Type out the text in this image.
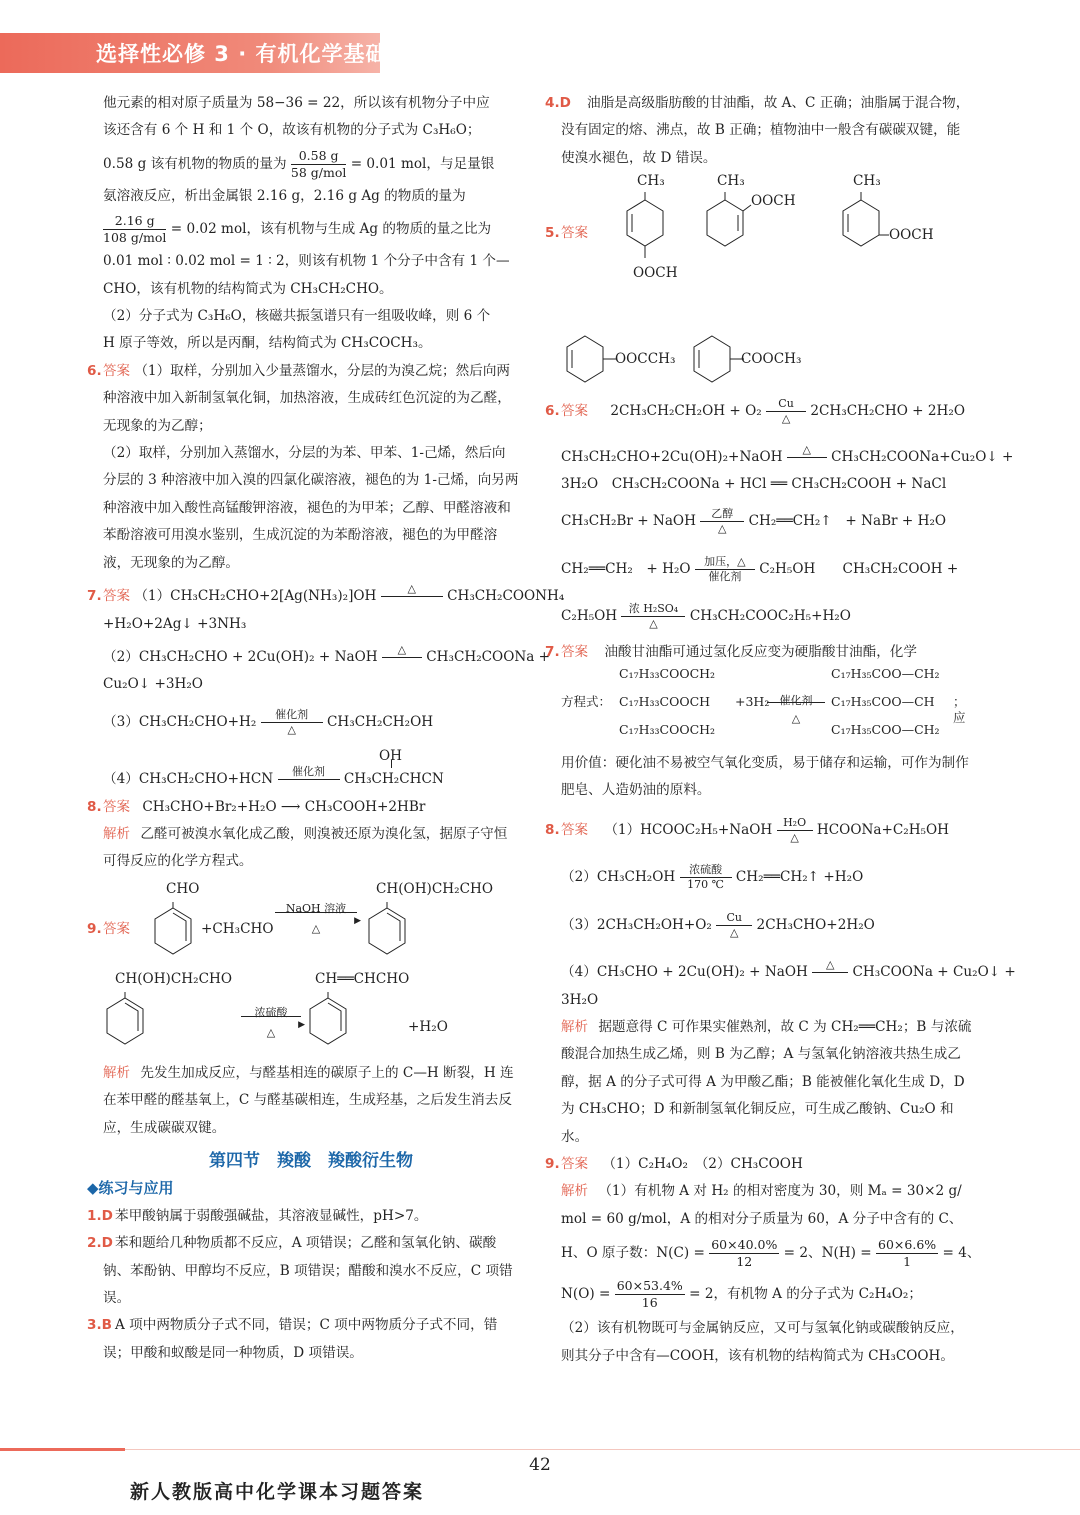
选择性必修 3 · 有机化学基础
他元素的相对原子质量为 58−36 = 22，所以该有机物分子中应
该还含有 6 个 H 和 1 个 O，故该有机物的分子式为 C₃H₆O；
0.58 g 该有机物的物质的量为 $\frac{0.58 g}{\text{58 g/mol}} = 0.01$ mol，与足量银
氨溶液反应，析出金属银 2.16 g，2.16 g Ag 的物质的量为
$\frac{2.16 g}{\text{108 g/mol}} = 0.02$ mol，该有机物与生成 Ag 的物质的量之比为
0.01 mol ∶ 0.02 mol = 1 ∶ 2，则该有机物 1 个分子中含有 1 个—
CHO，该有机物的结构简式为 CH₃CH₂CHO。
（2）分子式为 C₃H₆O，核磁共振氢谱只有一组吸收峰，则 6 个
H 原子等效，所以是丙酮，结构简式为 CH₃COCH₃。
6. 答案 （1）取样，分别加入少量蒸馏水，分层的为溴乙烷；然后向两种溶液中加入新制氢氧化铜，加热溶液，生成砖红色沉淀的为乙醛，无现象的为乙醇；
（2）取样，分别加入蒸馏水，分层的为苯、甲苯、1-己烯，然后向分层的 3 种溶液中加入溴的四氯化碳溶液，褪色的为 1-己烯，向另两种溶液中加入酸性高锰酸钾溶液，褪色的为甲苯；乙醇、甲醛溶液和苯酚溶液可用溴水鉴别，生成沉淀的为苯酚溶液，褪色的为甲醛溶液，无现象的为乙醇。
7. 答案 （1）CH₃CH₂CHO+2[Ag(NH₃)₂]OH	△	CH₃CH₂COONH₄
+H₂O+2Ag↓ +3NH₃
（2）CH₃CH₂CHO + 2Cu(OH)₂ + NaOH	△	CH₃CH₂COONa +
Cu₂O↓ +3H₂O
（3）CH₃CH₂CHO+H₂	催化剂
△	CH₃CH₂CH₂OH
OH
（4）CH₃CH₂CHO+HCN	催化剂	CH₃CH₂CHCN
8. 答案 CH₃CHO+Br₂+H₂O ⟶ CH₃COOH+2HBr
解析 乙醛可被溴水氧化成乙酸，则溴被还原为溴化氢，据原子守恒可得反应的化学方程式。
CHO	CH(OH)CH₂CHO
9. 答案	+CH₃CHO	▶
NaOH 溶液
△
CH(OH)CH₂CHO	CH══CHCHO
▶
浓硫酸
△	+H₂O
解析 先发生加成反应，与醛基相连的碳原子上的 C—H 断裂，H 连在苯甲醛的醛基氧上，C 与醛基碳相连，生成羟基，之后发生消去反应，生成碳碳双键。
第四节　羧酸　羧酸衍生物
◆练习与应用
1.D 苯甲酸钠属于弱酸强碱盐，其溶液显碱性，pH>7。
2.D 苯和题给几种物质都不反应，A 项错误；乙醛和氢氧化钠、碳酸钠、苯酚钠、甲醇均不反应，B 项错误；醋酸和溴水不反应，C 项错误。
3.B A 项中两物质分子式不同，错误；C 项中两物质分子式不同，错误；甲酸和蚁酸是同一种物质，D 项错误。
4.D 油脂是高级脂肪酸的甘油酯，故 A、C 正确；油脂属于混合物，没有固定的熔、沸点，故 B 正确；植物油中一般含有碳碳双键，能使溴水褪色，故 D 错误。
5. 答案
CH₃
OOCH
CH₃
OOCH
CH₃
OOCH
OOCCH₃	COOCH₃
6. 答案 2CH₃CH₂CH₂OH + O₂	Cu
△	2CH₃CH₂CHO + 2H₂O
CH₃CH₂CHO+2Cu(OH)₂+NaOH	△	CH₃CH₂COONa+Cu₂O↓ +
3H₂O　CH₃CH₂COONa + HCl ══ CH₃CH₂COOH + NaCl
CH₃CH₂Br + NaOH	乙醇
△	CH₂══CH₂↑　+ NaBr + H₂O
CH₂══CH₂　+ H₂O	加压，△
催化剂	C₂H₅OH　　CH₃CH₂COOH +
C₂H₅OH	浓 H₂SO₄
△	CH₃CH₂COOC₂H₅+H₂O
7. 答案 油酸甘油酯可通过氢化反应变为硬脂酸甘油酯，化学
C₁₇H₃₃COOCH₂
方程式： C₁₇H₃₃COOCH
C₁₇H₃₃COOCH₂
+3H₂ 催化剂
△
C₁₇H₃₅COO—CH₂
C₁₇H₃₅COO—CH
C₁₇H₃₅COO—CH₂
；应
用价值：硬化油不易被空气氧化变质，易于储存和运输，可作为制作肥皂、人造奶油的原料。
8. 答案 （1）HCOOC₂H₅+NaOH H₂O
△	HCOONa+C₂H₅OH
（2）CH₃CH₂OH	浓硫酸
170 ℃ CH₂══CH₂↑ +H₂O
（3）2CH₃CH₂OH+O₂	Cu
△	2CH₃CHO+2H₂O
（4）CH₃CHO + 2Cu(OH)₂ + NaOH	△	CH₃COONa + Cu₂O↓ +
3H₂O
解析 据题意得 C 可作果实催熟剂，故 C 为 CH₂══CH₂；B 与浓硫酸混合加热生成乙烯，则 B 为乙醇；A 与氢氧化钠溶液共热生成乙醇，据 A 的分子式可得 A 为甲酸乙酯；B 能被催化氧化生成 D，D 为 CH₃CHO；D 和新制氢氧化铜反应，可生成乙酸钠、Cu₂O 和水。
9. 答案 （1）C₂H₄O₂　（2）CH₃COOH
解析 （1）有机物 A 对 H₂ 的相对密度为 30，则 Mₐ = 30×2 g/
mol = 60 g/mol，A 的相对分子质量为 60，A 分子中含有的 C、
H、O 原子数：$N(C) = \frac{60\times 40.0\%}{12} = 2$、$N(H) = \frac{60\times 6.6\%}{1} = 4$、
$N(O) = \frac{60\times 53.4\%}{16} = 2$，有机物 A 的分子式为 C₂H₄O₂；
（2）该有机物既可与金属钠反应，又可与氢氧化钠或碳酸钠反应，则其分子中含有—COOH，该有机物的结构简式为 CH₃COOH。
42
新人教版高中化学课本习题答案
